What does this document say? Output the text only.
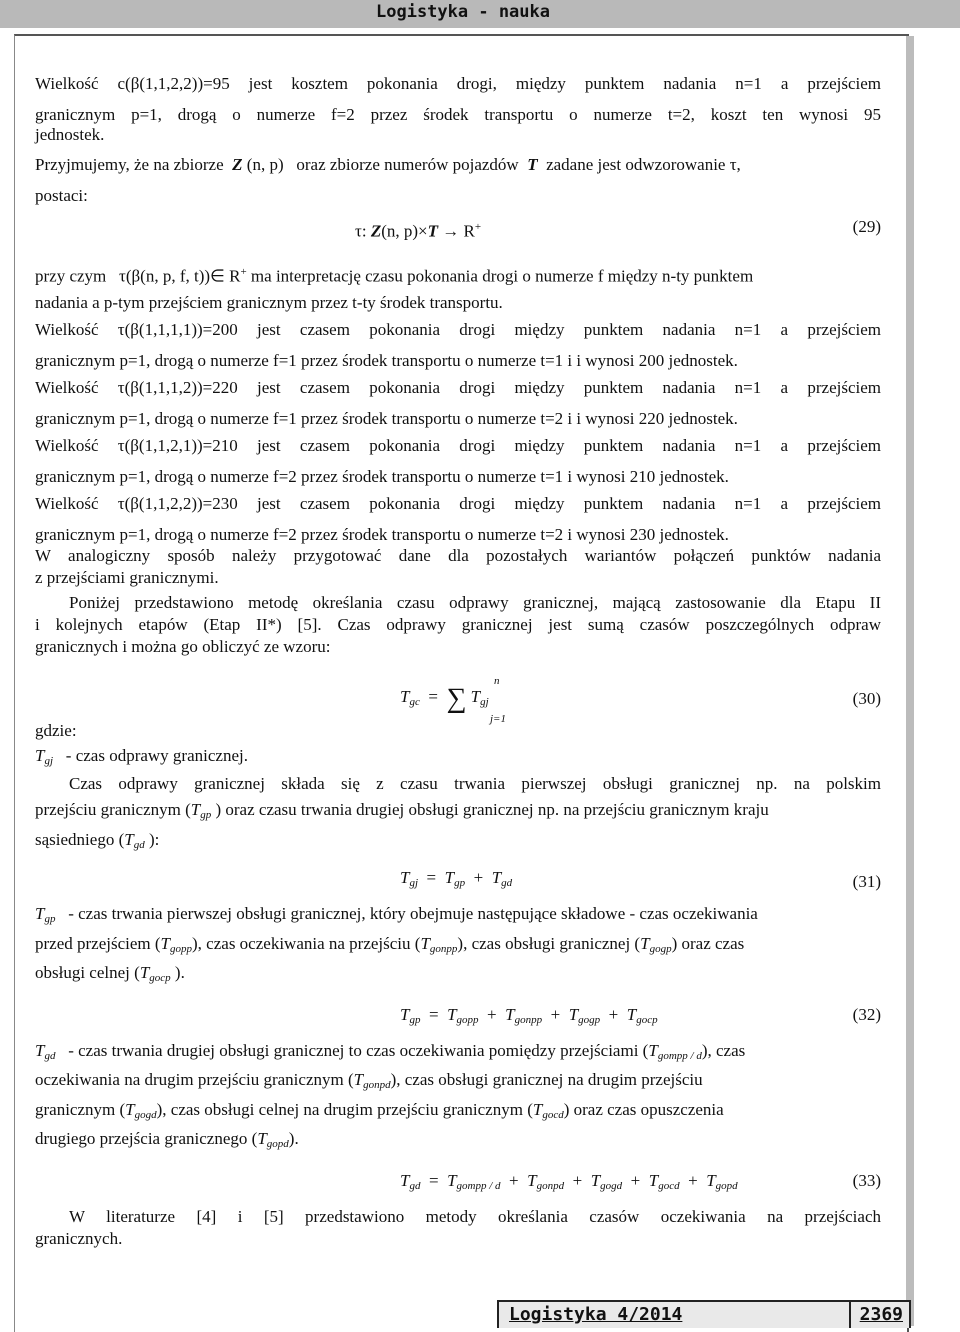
Logistyka - nauka
Wielkość c(β(1,1,2,2))=95 jest kosztem pokonania drogi, między punktem nadania n=1 a przejściem
granicznym p=1, drogą o numerze f=2 przez środek transportu o numerze t=2, koszt ten wynosi 95
jednostek.
Przyjmujemy, że na zbiorze Z (n, p) oraz zbiorze numerów pojazdów T zadane jest odwzorowanie τ,
postaci:
τ: Z(n, p)×T → R+	(29)
przy czym τ(β(n, p, f, t))∈ R+ ma interpretację czasu pokonania drogi o numerze f między n-ty punktem
nadania a p-tym przejściem granicznym przez t-ty środek transportu.
Wielkość τ(β(1,1,1,1))=200 jest czasem pokonania drogi między punktem nadania n=1 a przejściem
granicznym p=1, drogą o numerze f=1 przez środek transportu o numerze t=1 i i wynosi 200 jednostek.
Wielkość τ(β(1,1,1,2))=220 jest czasem pokonania drogi między punktem nadania n=1 a przejściem
granicznym p=1, drogą o numerze f=1 przez środek transportu o numerze t=2 i i wynosi 220 jednostek.
Wielkość τ(β(1,1,2,1))=210 jest czasem pokonania drogi między punktem nadania n=1 a przejściem
granicznym p=1, drogą o numerze f=2 przez środek transportu o numerze t=1 i wynosi 210 jednostek.
Wielkość τ(β(1,1,2,2))=230 jest czasem pokonania drogi między punktem nadania n=1 a przejściem
granicznym p=1, drogą o numerze f=2 przez środek transportu o numerze t=2 i wynosi 230 jednostek.
W analogiczny sposób należy przygotować dane dla pozostałych wariantów połączeń punktów nadania
z przejściami granicznymi.
Poniżej przedstawiono metodę określania czasu odprawy granicznej, mającą zastosowanie dla Etapu II
i kolejnych etapów (Etap II*) [5]. Czas odprawy granicznej jest sumą czasów poszczególnych odpraw
granicznych i można go obliczyć ze wzoru:
$T_{gc}$ = ∑ $T_{gj}$
n
j=1
(30)
gdzie:
$T_{gj}$ - czas odprawy granicznej.
Czas odprawy granicznej składa się z czasu trwania pierwszej obsługi granicznej np. na polskim
przejściu granicznym ($T_{gp}$ ) oraz czasu trwania drugiej obsługi granicznej np. na przejściu granicznym kraju
sąsiedniego ($T_{gd}$ ):
$T_{gj} = T_{gp} + T_{gd}$	(31)
$T_{gp}$ - czas trwania pierwszej obsługi granicznej, który obejmuje następujące składowe - czas oczekiwania
przed przejściem $(T_{gopp})$, czas oczekiwania na przejściu $(T_{gonpp})$, czas obsługi granicznej $(T_{gogp})$ oraz czas
obsługi celnej ($T_{gocp}$ ).
$T_{gp} = T_{gopp} + T_{gonpp} + T_{gogp} + T_{gocp}$	(32)
$T_{gd}$ - czas trwania drugiej obsługi granicznej to czas oczekiwania pomiędzy przejściami $(T_{gompp / d})$, czas
oczekiwania na drugim przejściu granicznym $(T_{gonpd})$, czas obsługi granicznej na drugim przejściu
granicznym $(T_{gogd})$, czas obsługi celnej na drugim przejściu granicznym $(T_{gocd})$ oraz czas opuszczenia
drugiego przejścia granicznego $(T_{gopd})$.
$T_{gd} = T_{gompp / d} + T_{gonpd} + T_{gogd} + T_{gocd} + T_{gopd}$	(33)
W literaturze [4] i [5] przedstawiono metody określania czasów oczekiwania na przejściach
granicznych.
Logistyka 4/2014	2369
